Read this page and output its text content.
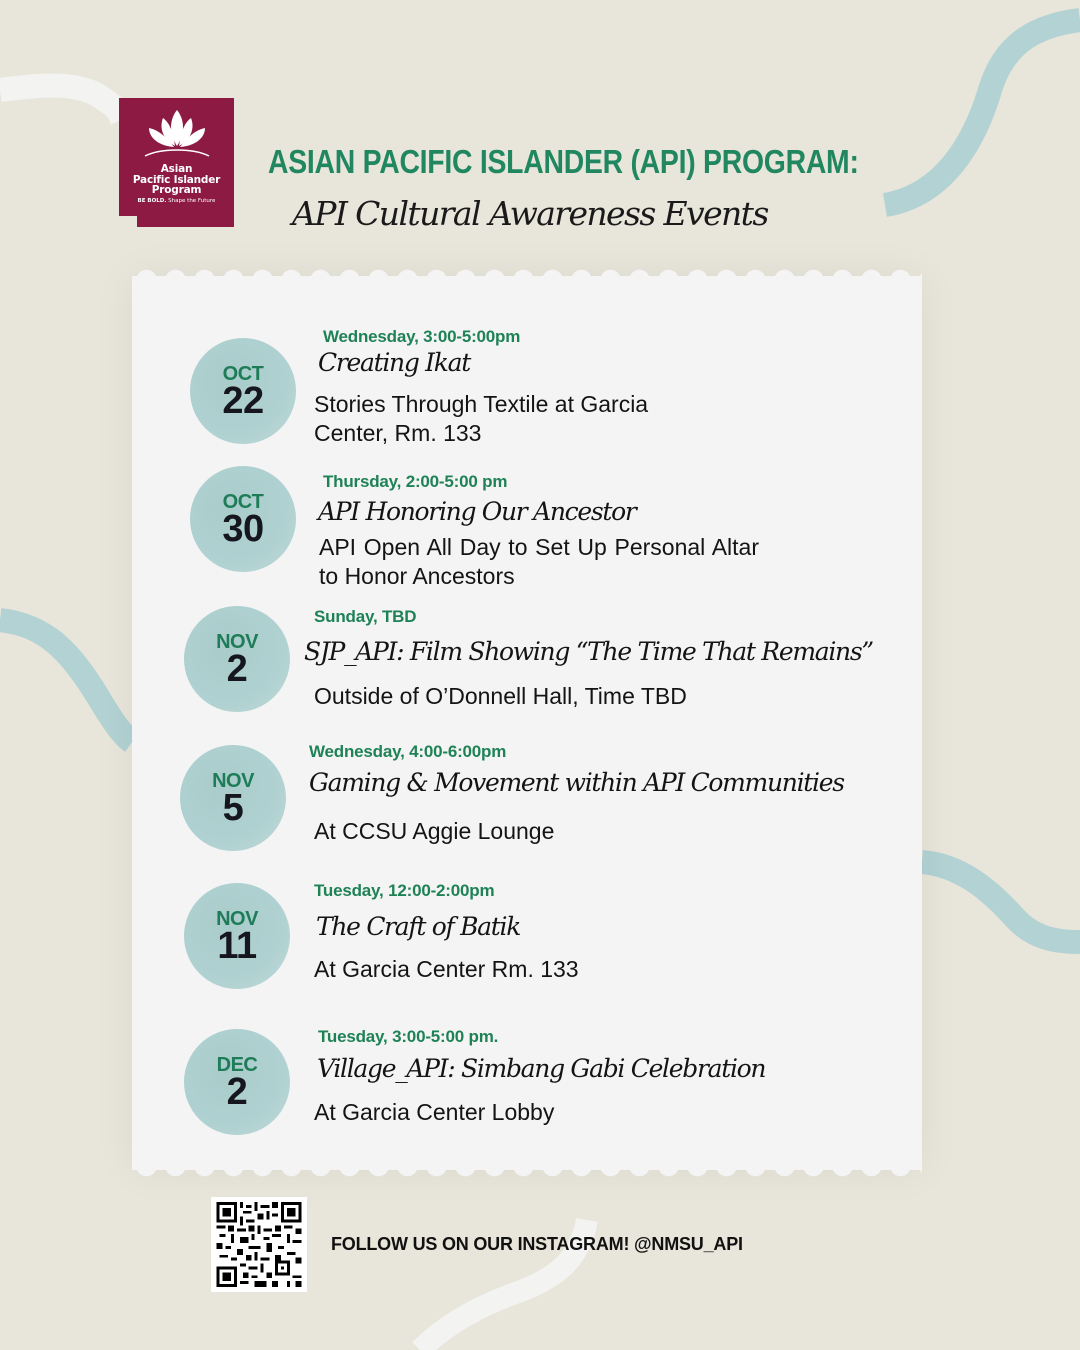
Asian
Pacific Islander
Program
BE BOLD. Shape the Future
ASIAN PACIFIC ISLANDER (API) PROGRAM:
API Cultural Awareness Events
OCT
22
Wednesday, 3:00-5:00pm
Creating Ikat
Stories Through Textile at Garcia Center, Rm. 133
OCT
30
Thursday, 2:00-5:00 pm
API Honoring Our Ancestor
API Open All Day to Set Up Personal Altar to Honor Ancestors
NOV
2
Sunday, TBD
SJP_API: Film Showing “The Time That Remains”
Outside of O’Donnell Hall, Time TBD
NOV
5
Wednesday, 4:00-6:00pm
Gaming & Movement within API Communities
At CCSU Aggie Lounge
NOV
11
Tuesday, 12:00-2:00pm
The Craft of Batik
At Garcia Center Rm. 133
DEC
2
Tuesday, 3:00-5:00 pm.
Village_API: Simbang Gabi Celebration
At Garcia Center Lobby
FOLLOW US ON OUR INSTAGRAM! @NMSU_API
